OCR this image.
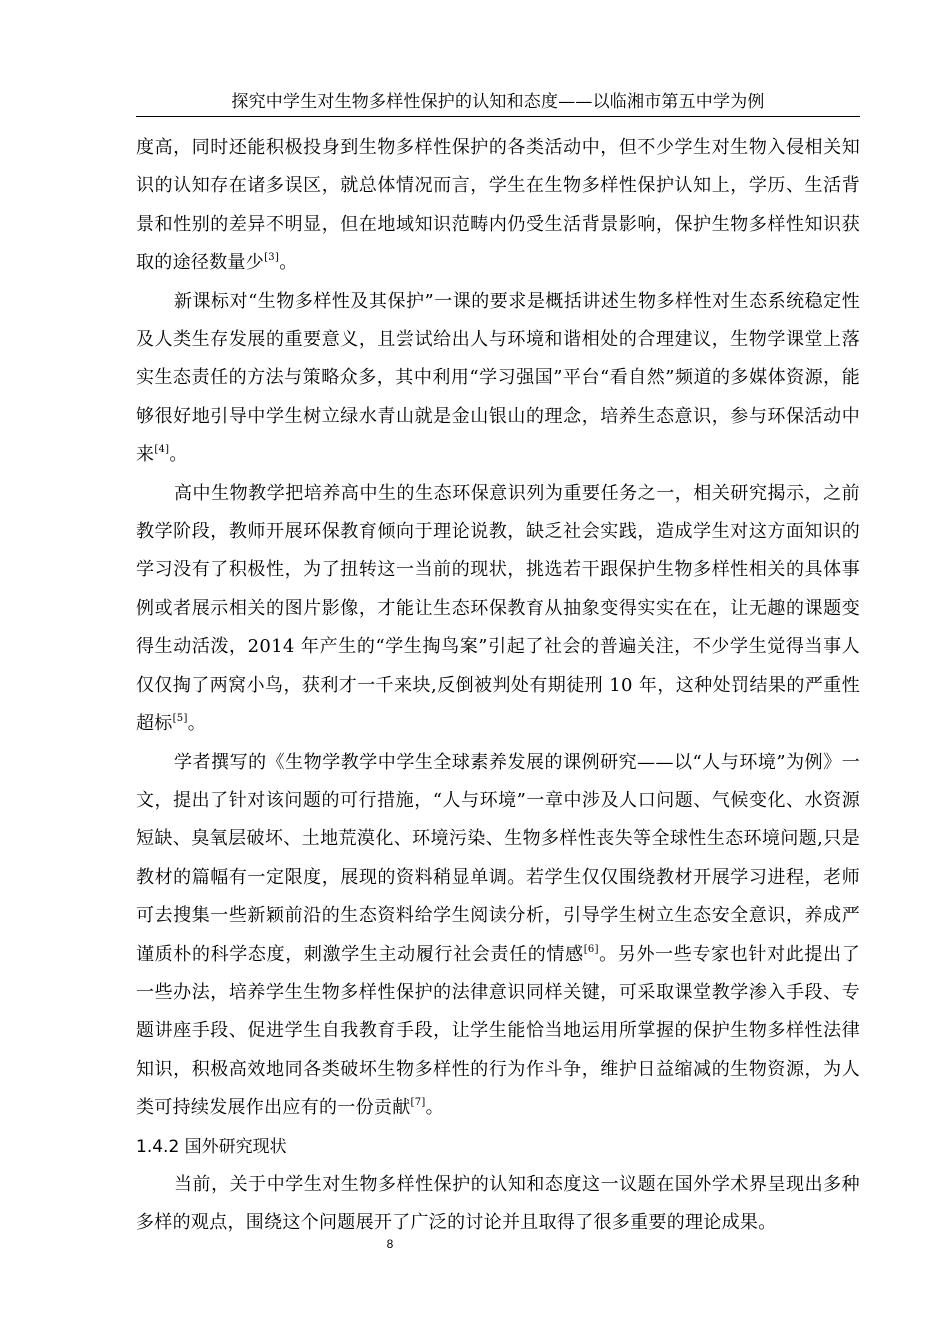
探究中学生对生物多样性保护的认知和态度——以临湘市第五中学为例

度高，同时还能积极投身到生物多样性保护的各类活动中，但不少学生对生物入侵相关知识的认知存在诸多误区，就总体情况而言，学生在生物多样性保护认知上，学历、生活背景和性别的差异不明显，但在地域知识范畴内仍受生活背景影响，保护生物多样性知识获取的途径数量少[3]。

新课标对“生物多样性及其保护”一课的要求是概括讲述生物多样性对生态系统稳定性及人类生存发展的重要意义，且尝试给出人与环境和谐相处的合理建议，生物学课堂上落实生态责任的方法与策略众多，其中利用“学习强国”平台“看自然”频道的多媒体资源，能够很好地引导中学生树立绿水青山就是金山银山的理念，培养生态意识，参与环保活动中来[4]。

高中生物教学把培养高中生的生态环保意识列为重要任务之一，相关研究揭示，之前教学阶段，教师开展环保教育倾向于理论说教，缺乏社会实践，造成学生对这方面知识的学习没有了积极性，为了扭转这一当前的现状，挑选若干跟保护生物多样性相关的具体事例或者展示相关的图片影像，才能让生态环保教育从抽象变得实实在在，让无趣的课题变得生动活泼，2014 年产生的“学生掏鸟案”引起了社会的普遍关注，不少学生觉得当事人仅仅掏了两窝小鸟，获利才一千来块,反倒被判处有期徒刑 10 年，这种处罚结果的严重性超标[5]。

学者撰写的《生物学教学中学生全球素养发展的课例研究——以“人与环境”为例》一文，提出了针对该问题的可行措施，“人与环境”一章中涉及人口问题、气候变化、水资源短缺、臭氧层破坏、土地荒漠化、环境污染、生物多样性丧失等全球性生态环境问题,只是教材的篇幅有一定限度，展现的资料稍显单调。若学生仅仅围绕教材开展学习进程，老师可去搜集一些新颖前沿的生态资料给学生阅读分析，引导学生树立生态安全意识，养成严谨质朴的科学态度，刺激学生主动履行社会责任的情感[6]。另外一些专家也针对此提出了一些办法，培养学生生物多样性保护的法律意识同样关键，可采取课堂教学渗入手段、专题讲座手段、促进学生自我教育手段，让学生能恰当地运用所掌握的保护生物多样性法律知识，积极高效地同各类破坏生物多样性的行为作斗争，维护日益缩减的生物资源，为人类可持续发展作出应有的一份贡献[7]。

1.4.2 国外研究现状

当前，关于中学生对生物多样性保护的认知和态度这一议题在国外学术界呈现出多种多样的观点，围绕这个问题展开了广泛的讨论并且取得了很多重要的理论成果。

8
